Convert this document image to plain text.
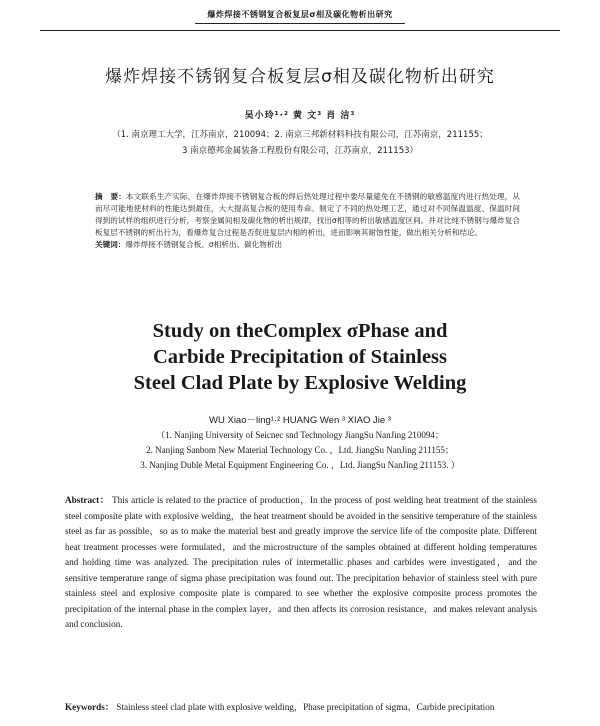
爆炸焊接不锈钢复合板复层σ相及碳化物析出研究
爆炸焊接不锈钢复合板复层σ相及碳化物析出研究
吴小玲¹·² 黄 文³ 肖 洁³
（1. 南京理工大学，江苏南京，210094；2. 南京三邦新材料科技有限公司，江苏南京，211155；
3 南京德邦金属装备工程股份有限公司，江苏南京，211153）
摘　要：本文联系生产实际，在爆炸焊接不锈钢复合板的焊后热处理过程中要尽量避免在不锈钢的敏感温度内进行热处理，从而尽可能地使材料的性能达到最佳，大大提高复合板的使用寿命。制定了不同的热处理工艺，通过对不同保温温度、保温时间得到的试样的组织进行分析，考察金属间相及碳化物的析出规律，找出σ相等的析出敏感温度区间。并对比纯不锈钢与爆炸复合板复层不锈钢的析出行为，看爆炸复合过程是否促进复层内相的析出，进而影响其耐蚀性能，做出相关分析和结论。
关键词：爆炸焊接不锈钢复合板、σ相析出、碳化物析出
Study on theComplex σPhase and
Carbide Precipitation of Stainless
Steel Clad Plate by Explosive Welding
WU Xiao－ling¹·² HUANG Wen ³ XIAO Jie ³
（1. Nanjing University of Seicnec snd Technology JiangSu NanJing 210094；
2. Nanjing Sanbom New Material Technology Co. ，Ltd. JiangSu NanJing 211155；
3. Nanjing Duble Metal Equipment Engineering Co. ，Ltd. JiangSu NanJing 211153. ）
Abstract： This article is related to the practice of production，In the process of post welding heat treatment of the stainless steel composite plate with explosive welding，the heat treatment should be avoided in the sensitive temperature of the stainless steel as far as possible，so as to make the material best and greatly improve the service life of the composite plate. Different heat treatment processes were formulated，and the microstructure of the samples obtained at different holding temperatures and holding time was analyzed. The precipitation rules of intermetallic phases and carbides were investigated，and the sensitive temperature range of sigma phase precipitation was found out. The precipitation behavior of stainless steel with pure stainless steel and explosive composite plate is compared to see whether the explosive composite process promotes the precipitation of the internal phase in the complex layer，and then affects its corrosion resistance，and makes relevant analysis and conclusion.
Keywords： Stainless steel clad plate with explosive welding，Phase precipitation of sigma、Carbide precipitation
